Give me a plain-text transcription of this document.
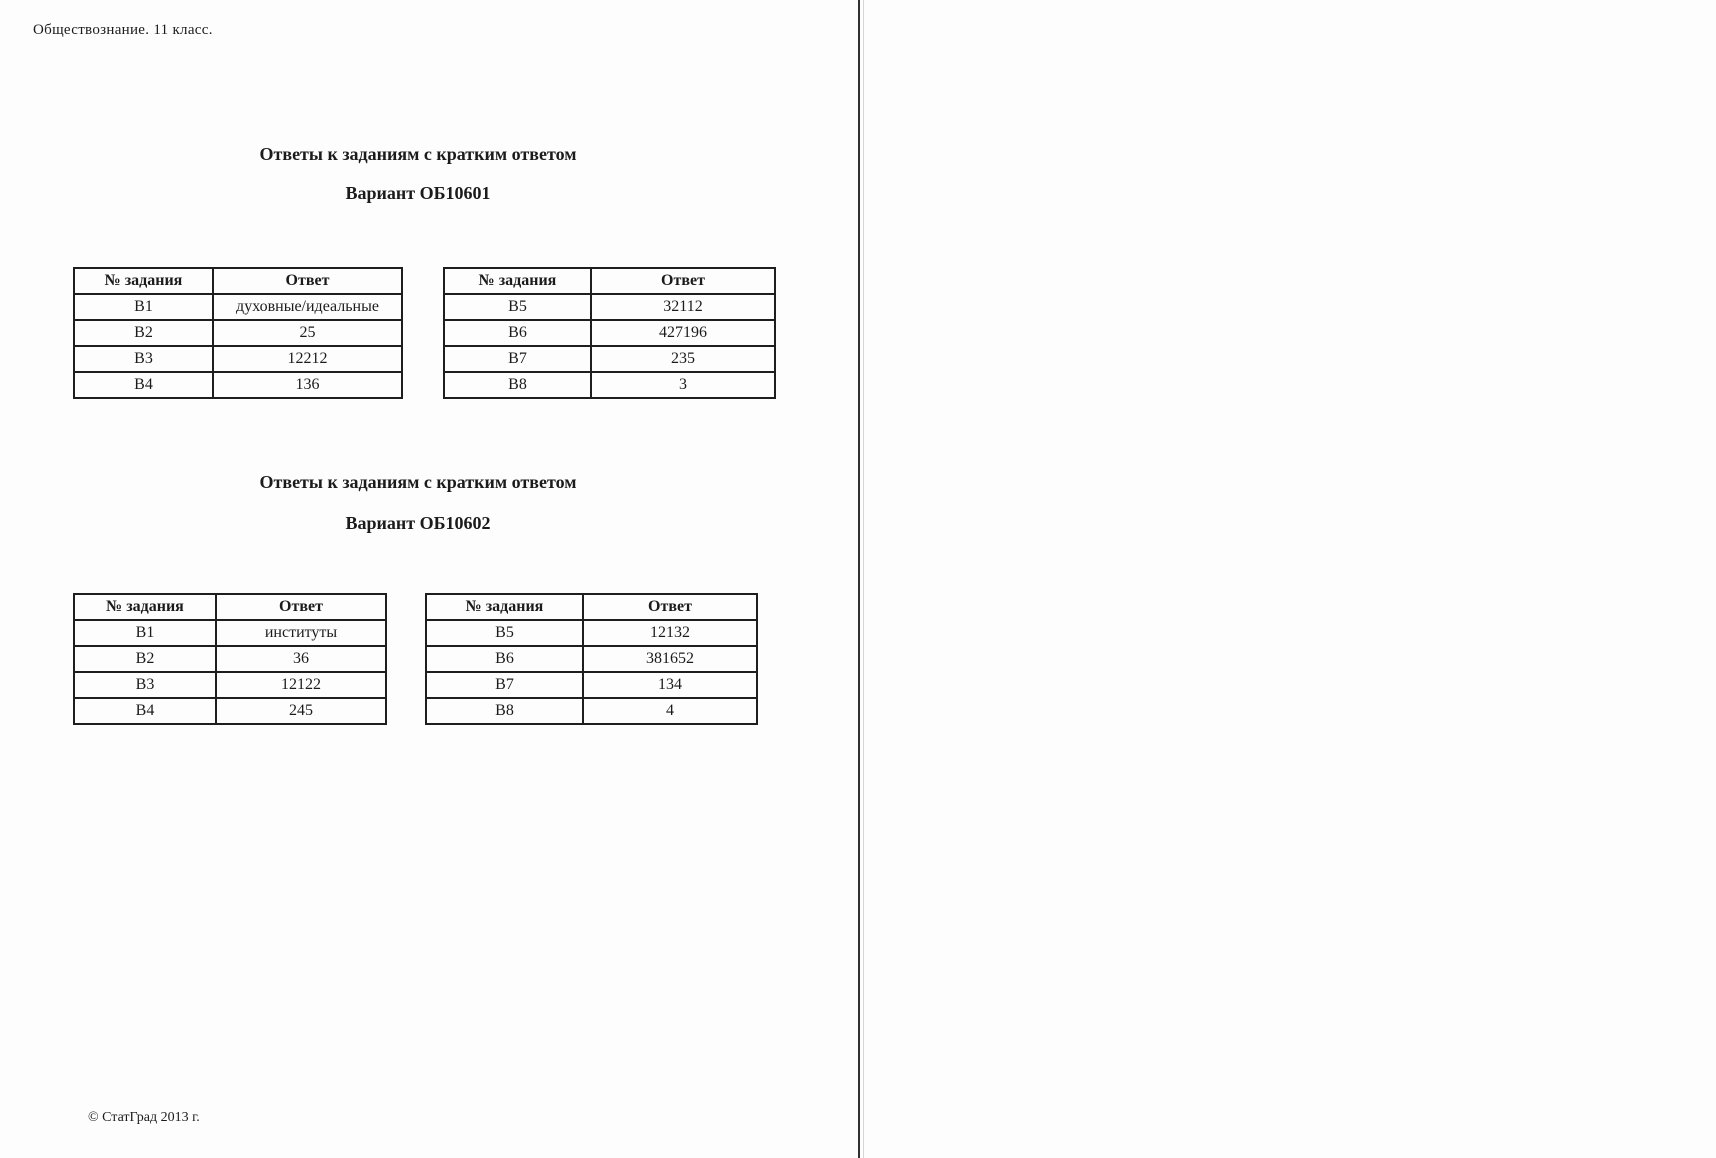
Обществознание. 11 класс.
Ответы к заданиям с кратким ответом
Вариант ОБ10601
№ задания	Ответ
В1	духовные/идеальные
В2	25
В3	12212
В4	136
№ задания	Ответ
В5	32112
В6	427196
В7	235
В8	3
Ответы к заданиям с кратким ответом
Вариант ОБ10602
№ задания	Ответ
В1	институты
В2	36
В3	12122
В4	245
№ задания	Ответ
В5	12132
В6	381652
В7	134
В8	4
© СтатГрад 2013 г.
